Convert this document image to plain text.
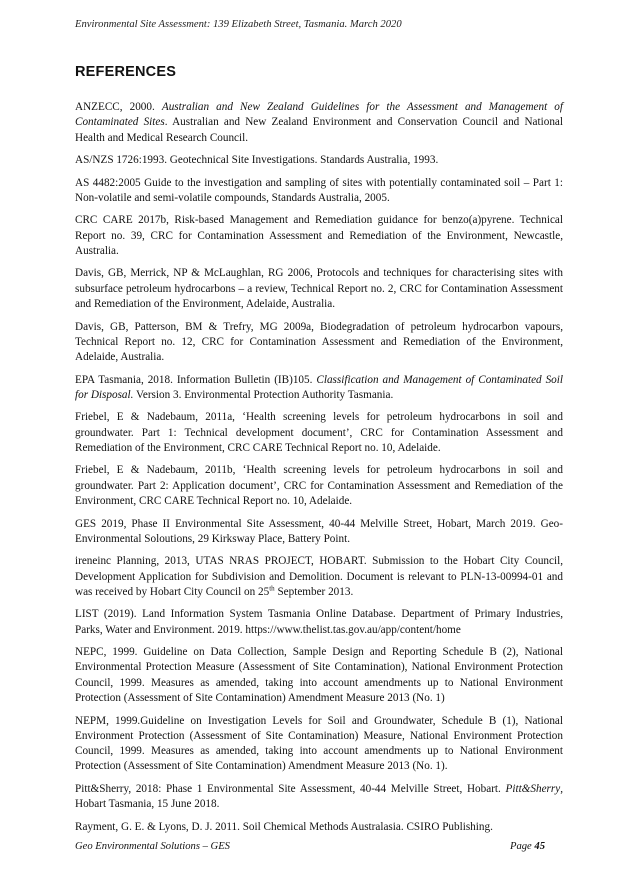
Environmental Site Assessment: 139 Elizabeth Street, Tasmania. March 2020
REFERENCES

ANZECC, 2000. Australian and New Zealand Guidelines for the Assessment and Management of Contaminated Sites. Australian and New Zealand Environment and Conservation Council and National Health and Medical Research Council.

AS/NZS 1726:1993. Geotechnical Site Investigations. Standards Australia, 1993.

AS 4482:2005 Guide to the investigation and sampling of sites with potentially contaminated soil – Part 1: Non-volatile and semi-volatile compounds, Standards Australia, 2005.

CRC CARE 2017b, Risk-based Management and Remediation guidance for benzo(a)pyrene. Technical Report no. 39, CRC for Contamination Assessment and Remediation of the Environment, Newcastle, Australia.

Davis, GB, Merrick, NP & McLaughlan, RG 2006, Protocols and techniques for characterising sites with subsurface petroleum hydrocarbons – a review, Technical Report no. 2, CRC for Contamination Assessment and Remediation of the Environment, Adelaide, Australia.

Davis, GB, Patterson, BM & Trefry, MG 2009a, Biodegradation of petroleum hydrocarbon vapours, Technical Report no. 12, CRC for Contamination Assessment and Remediation of the Environment, Adelaide, Australia.

EPA Tasmania, 2018. Information Bulletin (IB)105. Classification and Management of Contaminated Soil for Disposal. Version 3. Environmental Protection Authority Tasmania.

Friebel, E & Nadebaum, 2011a, ‘Health screening levels for petroleum hydrocarbons in soil and groundwater. Part 1: Technical development document’, CRC for Contamination Assessment and Remediation of the Environment, CRC CARE Technical Report no. 10, Adelaide.

Friebel, E & Nadebaum, 2011b, ‘Health screening levels for petroleum hydrocarbons in soil and groundwater. Part 2: Application document’, CRC for Contamination Assessment and Remediation of the Environment, CRC CARE Technical Report no. 10, Adelaide.

GES 2019, Phase II Environmental Site Assessment, 40-44 Melville Street, Hobart, March 2019. Geo-Environmental Soloutions, 29 Kirksway Place, Battery Point.

ireneinc Planning, 2013, UTAS NRAS PROJECT, HOBART. Submission to the Hobart City Council, Development Application for Subdivision and Demolition. Document is relevant to PLN-13-00994-01 and was received by Hobart City Council on 25th September 2013.

LIST (2019). Land Information System Tasmania Online Database. Department of Primary Industries, Parks, Water and Environment. 2019. https://www.thelist.tas.gov.au/app/content/home

NEPC, 1999. Guideline on Data Collection, Sample Design and Reporting Schedule B (2), National Environmental Protection Measure (Assessment of Site Contamination), National Environment Protection Council, 1999. Measures as amended, taking into account amendments up to National Environment Protection (Assessment of Site Contamination) Amendment Measure 2013 (No. 1)

NEPM, 1999.Guideline on Investigation Levels for Soil and Groundwater, Schedule B (1), National Environment Protection (Assessment of Site Contamination) Measure, National Environment Protection Council, 1999. Measures as amended, taking into account amendments up to National Environment Protection (Assessment of Site Contamination) Amendment Measure 2013 (No. 1).

Pitt&Sherry, 2018: Phase 1 Environmental Site Assessment, 40-44 Melville Street, Hobart. Pitt&Sherry, Hobart Tasmania, 15 June 2018.

Rayment, G. E. & Lyons, D. J. 2011. Soil Chemical Methods Australasia. CSIRO Publishing.

Geo Environmental Solutions – GES	Page 45
